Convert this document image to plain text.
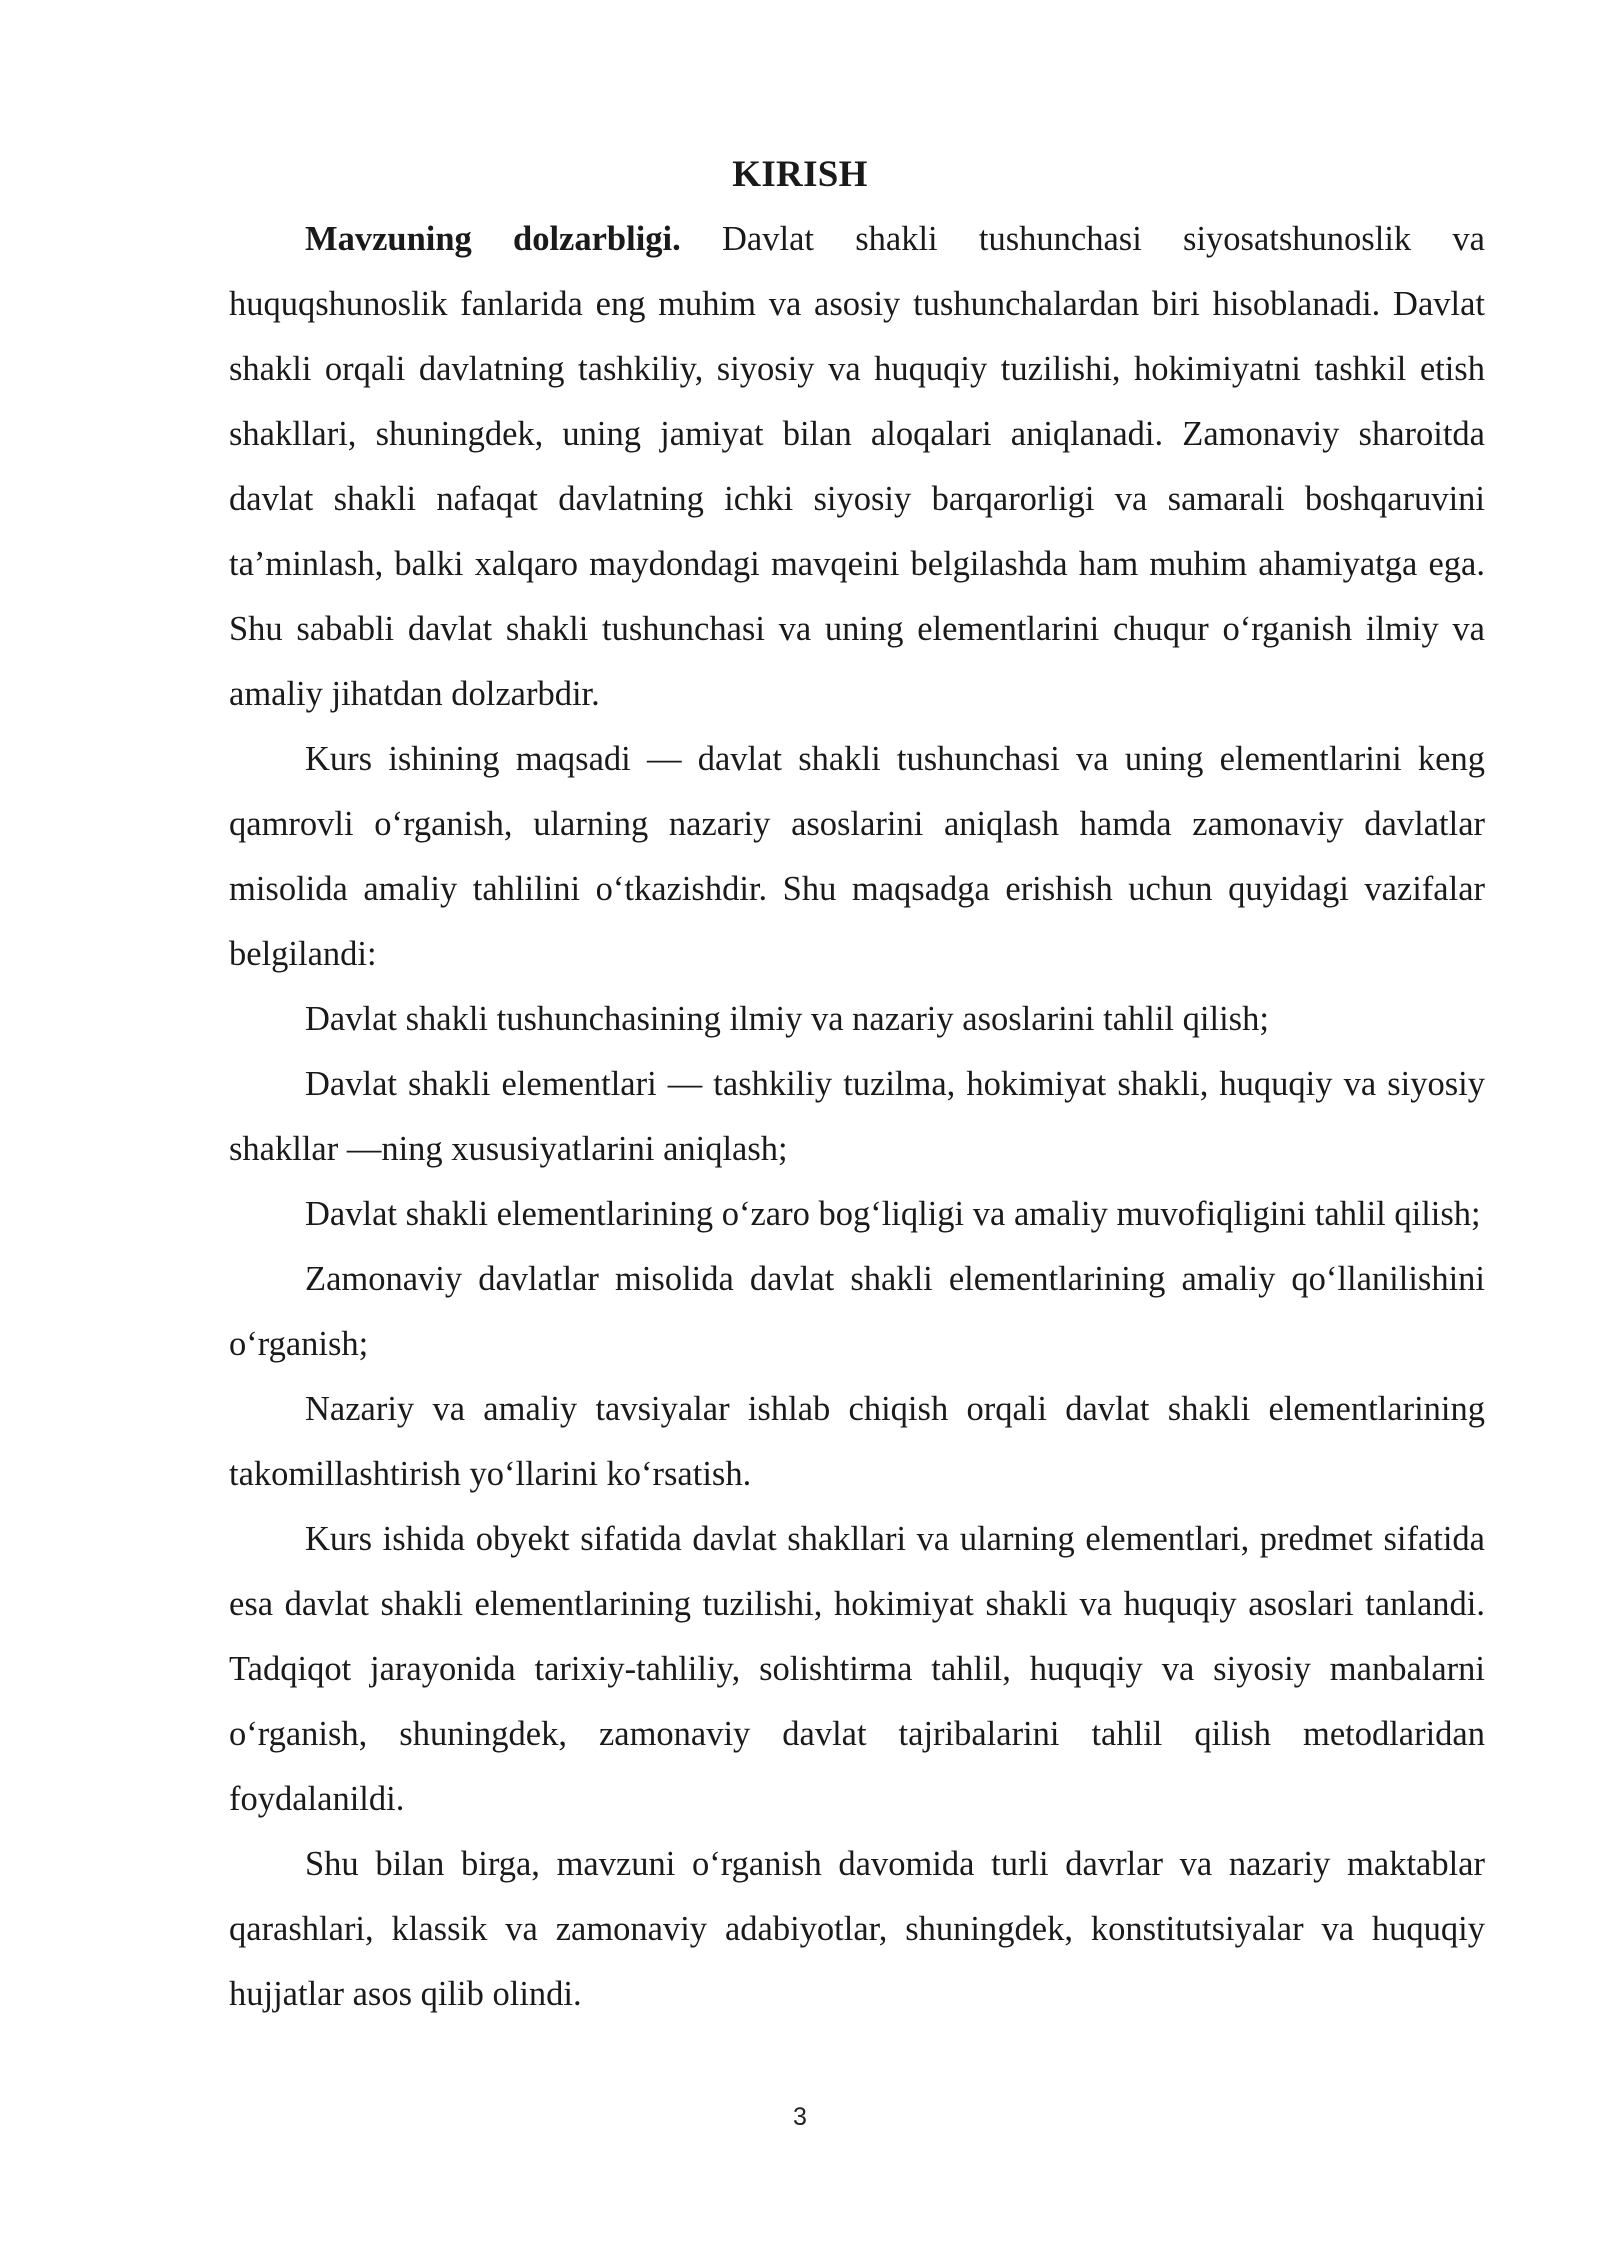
KIRISH

Mavzuning dolzarbligi. Davlat shakli tushunchasi siyosatshunoslik va huquqshunoslik fanlarida eng muhim va asosiy tushunchalardan biri hisoblanadi. Davlat shakli orqali davlatning tashkiliy, siyosiy va huquqiy tuzilishi, hokimiyatni tashkil etish shakllari, shuningdek, uning jamiyat bilan aloqalari aniqlanadi. Zamonaviy sharoitda davlat shakli nafaqat davlatning ichki siyosiy barqarorligi va samarali boshqaruvini ta’minlash, balki xalqaro maydondagi mavqeini belgilashda ham muhim ahamiyatga ega. Shu sababli davlat shakli tushunchasi va uning elementlarini chuqur o‘rganish ilmiy va amaliy jihatdan dolzarbdir.

Kurs ishining maqsadi — davlat shakli tushunchasi va uning elementlarini keng qamrovli o‘rganish, ularning nazariy asoslarini aniqlash hamda zamonaviy davlatlar misolida amaliy tahlilini o‘tkazishdir. Shu maqsadga erishish uchun quyidagi vazifalar belgilandi:

Davlat shakli tushunchasining ilmiy va nazariy asoslarini tahlil qilish;

Davlat shakli elementlari — tashkiliy tuzilma, hokimiyat shakli, huquqiy va siyosiy shakllar —ning xususiyatlarini aniqlash;

Davlat shakli elementlarining o‘zaro bog‘liqligi va amaliy muvofiqligini tahlil qilish;

Zamonaviy davlatlar misolida davlat shakli elementlarining amaliy qo‘llanilishini o‘rganish;

Nazariy va amaliy tavsiyalar ishlab chiqish orqali davlat shakli elementlarining takomillashtirish yo‘llarini ko‘rsatish.

Kurs ishida obyekt sifatida davlat shakllari va ularning elementlari, predmet sifatida esa davlat shakli elementlarining tuzilishi, hokimiyat shakli va huquqiy asoslari tanlandi. Tadqiqot jarayonida tarixiy-tahliliy, solishtirma tahlil, huquqiy va siyosiy manbalarni o‘rganish, shuningdek, zamonaviy davlat tajribalarini tahlil qilish metodlaridan foydalanildi.

Shu bilan birga, mavzuni o‘rganish davomida turli davrlar va nazariy maktablar qarashlari, klassik va zamonaviy adabiyotlar, shuningdek, konstitutsiyalar va huquqiy hujjatlar asos qilib olindi.

3
